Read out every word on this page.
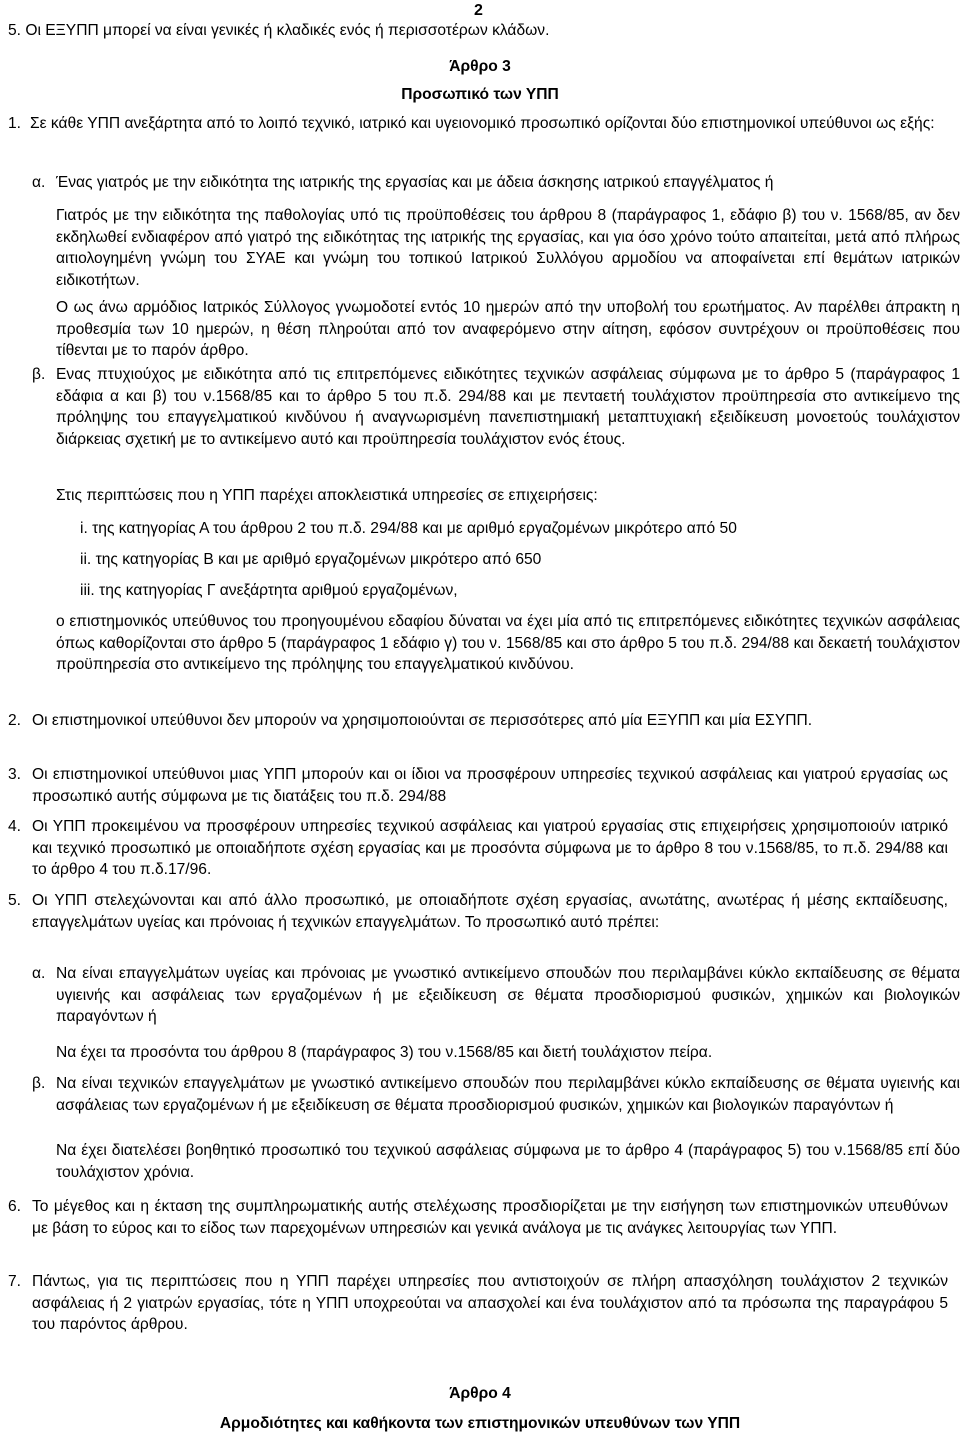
2

5. Οι ΕΞΥΠΠ μπορεί να είναι γενικές ή κλαδικές ενός ή περισσοτέρων κλάδων.

Άρθρο 3

Προσωπικό των ΥΠΠ

1. Σε κάθε ΥΠΠ ανεξάρτητα από το λοιπό τεχνικό, ιατρικό και υγειονομικό προσωπικό ορίζονται δύο επιστημονικοί υπεύθυνοι ως εξής:

α. Ένας γιατρός με την ειδικότητα της ιατρικής της εργασίας και με άδεια άσκησης ιατρικού επαγγέλματος ή

Γιατρός με την ειδικότητα της παθολογίας υπό τις προϋποθέσεις του άρθρου 8 (παράγραφος 1, εδάφιο β) του ν. 1568/85, αν δεν εκδηλωθεί ενδιαφέρον από γιατρό της ειδικότητας της ιατρικής της εργασίας, και για όσο χρόνο τούτο απαιτείται, μετά από πλήρως αιτιολογημένη γνώμη του ΣΥΑΕ και γνώμη του τοπικού Ιατρικού Συλλόγου αρμοδίου να αποφαίνεται επί θεμάτων ιατρικών ειδικοτήτων.

Ο ως άνω αρμόδιος Ιατρικός Σύλλογος γνωμοδοτεί εντός 10 ημερών από την υποβολή του ερωτήματος. Αν παρέλθει άπρακτη η προθεσμία των 10 ημερών, η θέση πληρούται από τον αναφερόμενο στην αίτηση, εφόσον συντρέχουν οι προϋποθέσεις που τίθενται με το παρόν άρθρο.

β. Ενας πτυχιούχος με ειδικότητα από τις επιτρεπόμενες ειδικότητες τεχνικών ασφάλειας σύμφωνα με το άρθρο 5 (παράγραφος 1 εδάφια α και β) του ν.1568/85 και το άρθρο 5 του π.δ. 294/88 και με πενταετή τουλάχιστον προϋπηρεσία στο αντικείμενο της πρόληψης του επαγγελματικού κινδύνου ή αναγνωρισμένη πανεπιστημιακή μεταπτυχιακή εξειδίκευση μονοετούς τουλάχιστον διάρκειας σχετική με το αντικείμενο αυτό και προϋπηρεσία τουλάχιστον ενός έτους.

Στις περιπτώσεις που η ΥΠΠ παρέχει αποκλειστικά υπηρεσίες σε επιχειρήσεις:

i. της κατηγορίας Α του άρθρου 2 του π.δ. 294/88 και με αριθμό εργαζομένων μικρότερο από 50

ii. της κατηγορίας Β και με αριθμό εργαζομένων μικρότερο από 650

iii. της κατηγορίας Γ ανεξάρτητα αριθμού εργαζομένων,

ο επιστημονικός υπεύθυνος του προηγουμένου εδαφίου δύναται να έχει μία από τις επιτρεπόμενες ειδικότητες τεχνικών ασφάλειας όπως καθορίζονται στο άρθρο 5 (παράγραφος 1 εδάφιο γ) του ν. 1568/85 και στο άρθρο 5 του π.δ. 294/88 και δεκαετή τουλάχιστον προϋπηρεσία στο αντικείμενο της πρόληψης του επαγγελματικού κινδύνου.

2. Οι επιστημονικοί υπεύθυνοι δεν μπορούν να χρησιμοποιούνται σε περισσότερες από μία ΕΞΥΠΠ και μία ΕΣΥΠΠ.

3. Οι επιστημονικοί υπεύθυνοι μιας ΥΠΠ μπορούν και οι ίδιοι να προσφέρουν υπηρεσίες τεχνικού ασφάλειας και γιατρού εργασίας ως προσωπικό αυτής σύμφωνα με τις διατάξεις του π.δ. 294/88

4. Οι ΥΠΠ προκειμένου να προσφέρουν υπηρεσίες τεχνικού ασφάλειας και γιατρού εργασίας στις επιχειρήσεις χρησιμοποιούν ιατρικό και τεχνικό προσωπικό με οποιαδήποτε σχέση εργασίας και με προσόντα σύμφωνα με το άρθρο 8 του ν.1568/85, το π.δ. 294/88 και το άρθρο 4 του π.δ.17/96.

5. Οι ΥΠΠ στελεχώνονται και από άλλο προσωπικό, με οποιαδήποτε σχέση εργασίας, ανωτάτης, ανωτέρας ή μέσης εκπαίδευσης, επαγγελμάτων υγείας και πρόνοιας ή τεχνικών επαγγελμάτων. Το προσωπικό αυτό πρέπει:

α. Να είναι επαγγελμάτων υγείας και πρόνοιας με γνωστικό αντικείμενο σπουδών που περιλαμβάνει κύκλο εκπαίδευσης σε θέματα υγιεινής και ασφάλειας των εργαζομένων ή με εξειδίκευση σε θέματα προσδιορισμού φυσικών, χημικών και βιολογικών παραγόντων ή

Να έχει τα προσόντα του άρθρου 8 (παράγραφος 3) του ν.1568/85 και διετή τουλάχιστον πείρα.

β. Να είναι τεχνικών επαγγελμάτων με γνωστικό αντικείμενο σπουδών που περιλαμβάνει κύκλο εκπαίδευσης σε θέματα υγιεινής και ασφάλειας των εργαζομένων ή με εξειδίκευση σε θέματα προσδιορισμού φυσικών, χημικών και βιολογικών παραγόντων ή

Να έχει διατελέσει βοηθητικό προσωπικό του τεχνικού ασφάλειας σύμφωνα με το άρθρο 4 (παράγραφος 5) του ν.1568/85 επί δύο τουλάχιστον χρόνια.

6. Το μέγεθος και η έκταση της συμπληρωματικής αυτής στελέχωσης προσδιορίζεται με την εισήγηση των επιστημονικών υπευθύνων με βάση το εύρος και το είδος των παρεχομένων υπηρεσιών και γενικά ανάλογα με τις ανάγκες λειτουργίας των ΥΠΠ.

7. Πάντως, για τις περιπτώσεις που η ΥΠΠ παρέχει υπηρεσίες που αντιστοιχούν σε πλήρη απασχόληση τουλάχιστον 2 τεχνικών ασφάλειας ή 2 γιατρών εργασίας, τότε η ΥΠΠ υποχρεούται να απασχολεί και ένα τουλάχιστον από τα πρόσωπα της παραγράφου 5 του παρόντος άρθρου.

Άρθρο 4

Αρμοδιότητες και καθήκοντα των επιστημονικών υπευθύνων των ΥΠΠ
